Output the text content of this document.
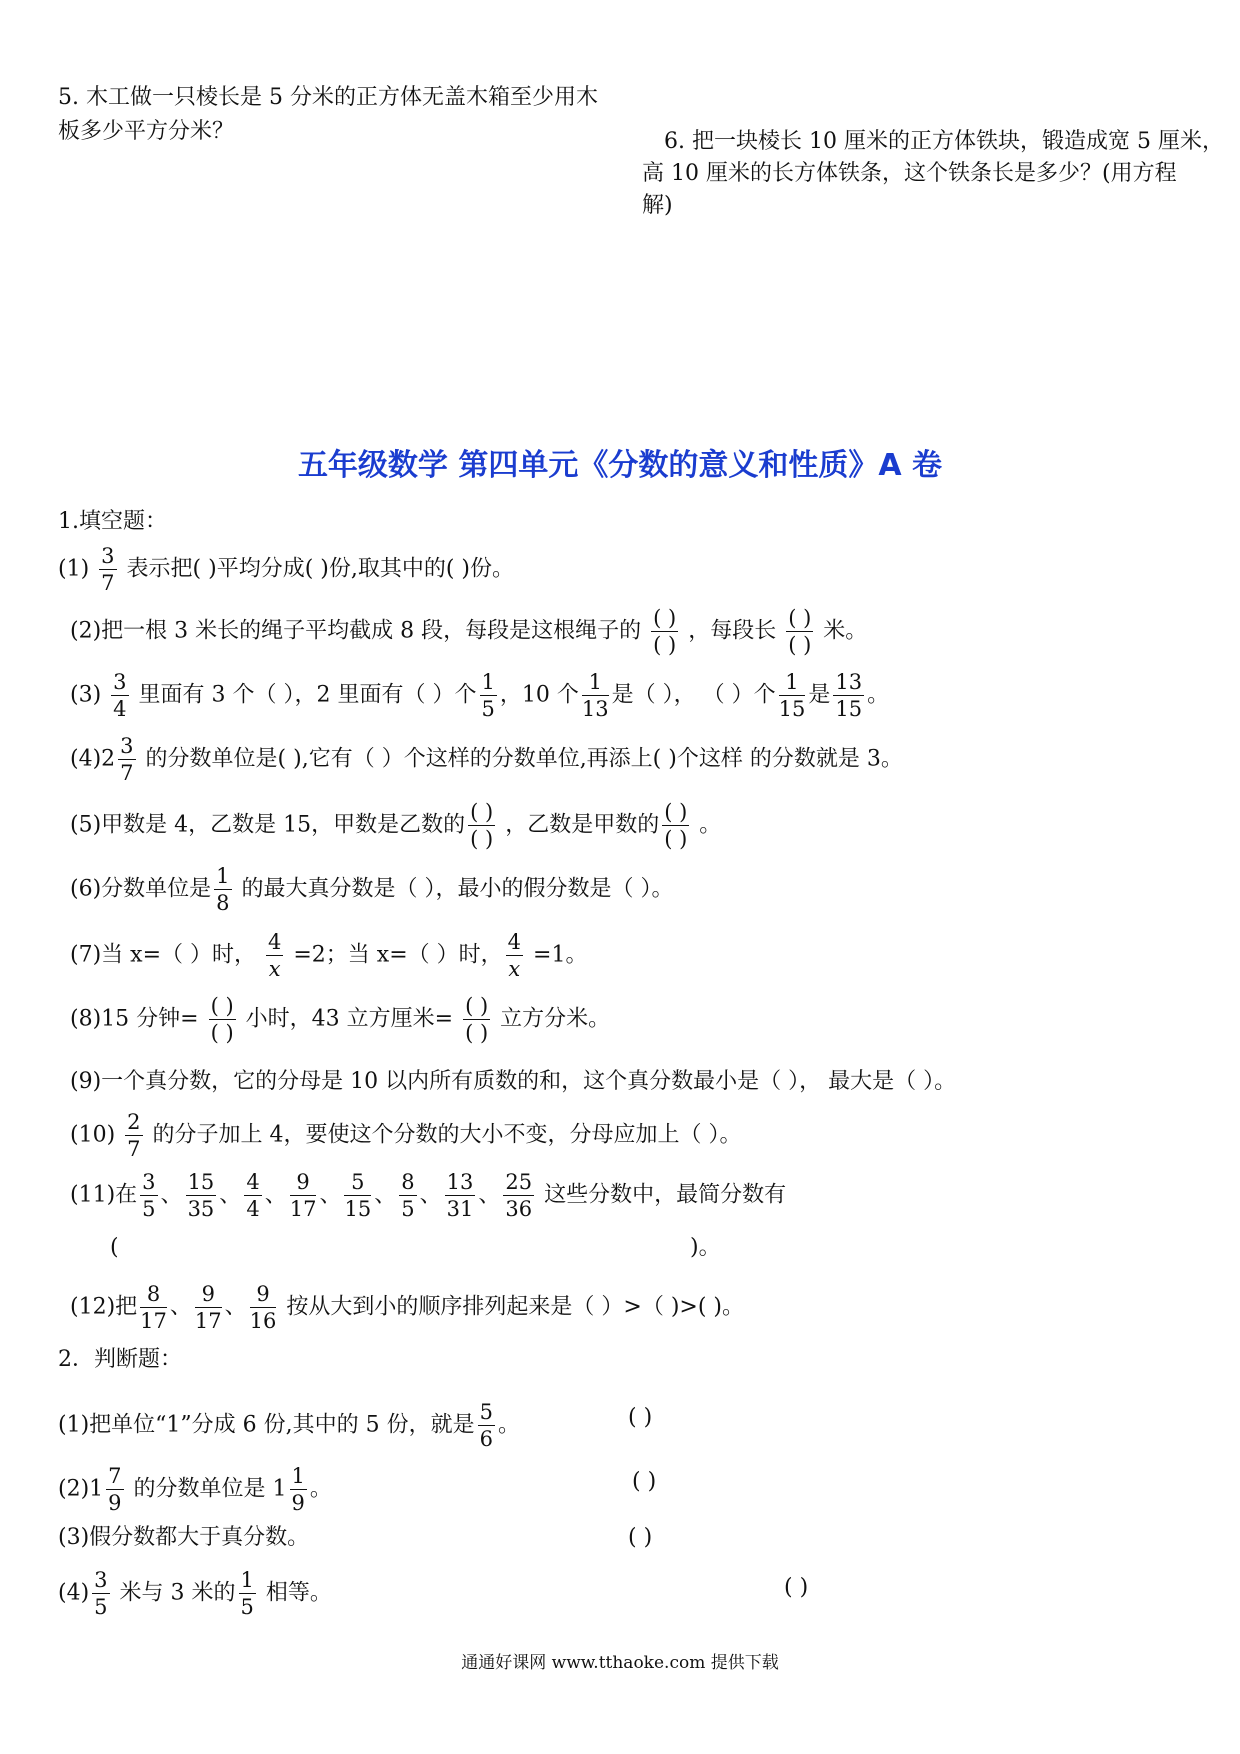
5. 木工做一只棱长是 5 分米的正方体无盖木箱至少用木
板多少平方分米？	6. 把一块棱长 10 厘米的正方体铁块，锻造成宽 5 厘米，
高 10 厘米的长方体铁条，这个铁条长是多少？(用方程
解)
五年级数学 第四单元《分数的意义和性质》A 卷
1.填空题：
$(1) \frac{3}{7}$ 表示把( )平均分成( )份,取其中的( )份。
(2)把一根 3 米长的绳子平均截成 8 段，每段是这根绳子的 $\frac{( )}{( )}$ ，每段长 $\frac{( )}{( )}$ 米。
$(3) \frac{3}{4}$ 里面有 3 个（ ），2 里面有（ ）个 $\frac{1}{5}$ ，10 个 $\frac{1}{13}$ 是（ ）， （ ）个 $\frac{1}{15}$ 是 $\frac{13}{15}$ 。
$(4)2 \frac{3}{7}$ 的分数单位是( ),它有（ ）个这样的分数单位,再添上( )个这样 的分数就是 3。
(5)甲数是 4，乙数是 15，甲数是乙数的 $\frac{( )}{( )}$ ，乙数是甲数的 $\frac{( )}{( )}$ 。
(6)分数单位是 $\frac{1}{8}$ 的最大真分数是（ ），最小的假分数是（ ）。
(7)当 x=（ ）时， $\frac{4}{x} =2$；当 x=（ ）时， $\frac{4}{x} =1$。
(8)15 分钟= $\frac{( )}{( )}$ 小时，43 立方厘米= $\frac{( )}{( )}$ 立方分米。
(9)一个真分数，它的分母是 10 以内所有质数的和，这个真分数最小是（ ）， 最大是（ ）。
$(10) \frac{2}{7}$ 的分子加上 4，要使这个分数的大小不变，分母应加上（ ）。
(11)在 $\frac{3}{5}$ 、 $\frac{15}{35}$ 、 $\frac{4}{4}$ 、 $\frac{9}{17}$ 、 $\frac{5}{15}$ 、 $\frac{8}{5}$ 、 $\frac{13}{31}$ 、 $\frac{25}{36}$ 这些分数中，最简分数有
(	)。
(12)把 $\frac{8}{17}$ 、 $\frac{9}{17}$ 、 $\frac{9}{16}$ 按从大到小的顺序排列起来是（ ）>（ )>( )。
2．判断题：
(1)把单位“1”分成 6 份,其中的 5 份，就是 $\frac{5}{6}$ 。	( )
$(2)1 \frac{7}{9}$ 的分数单位是 $1 \frac{1}{9}$ 。	( )
(3)假分数都大于真分数。	( )
$(4) \frac{3}{5}$ 米与 3 米的 $\frac{1}{5}$ 相等。	( )
通通好课网 www.tthaoke.com 提供下载
